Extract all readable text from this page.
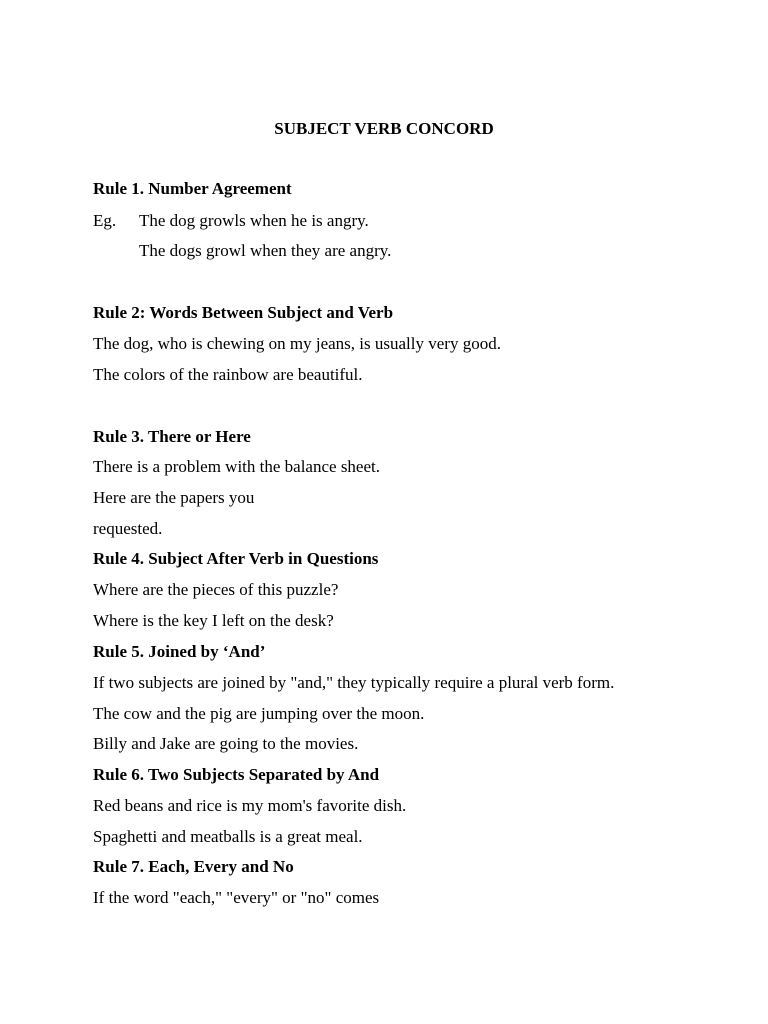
SUBJECT VERB CONCORD
Rule 1. Number Agreement
Eg. The dog growls when he is angry.
The dogs growl when they are angry.
Rule 2: Words Between Subject and Verb
The dog, who is chewing on my jeans, is usually very good.
The colors of the rainbow are beautiful.
Rule 3. There or Here
There is a problem with the balance sheet.
Here are the papers you
requested.
Rule 4. Subject After Verb in Questions
Where are the pieces of this puzzle?
Where is the key I left on the desk?
Rule 5. Joined by ‘And’
If two subjects are joined by "and," they typically require a plural verb form.
The cow and the pig are jumping over the moon.
Billy and Jake are going to the movies.
Rule 6. Two Subjects Separated by And
Red beans and rice is my mom's favorite dish.
Spaghetti and meatballs is a great meal.
Rule 7. Each, Every and No
If the word "each," "every" or "no" comes
